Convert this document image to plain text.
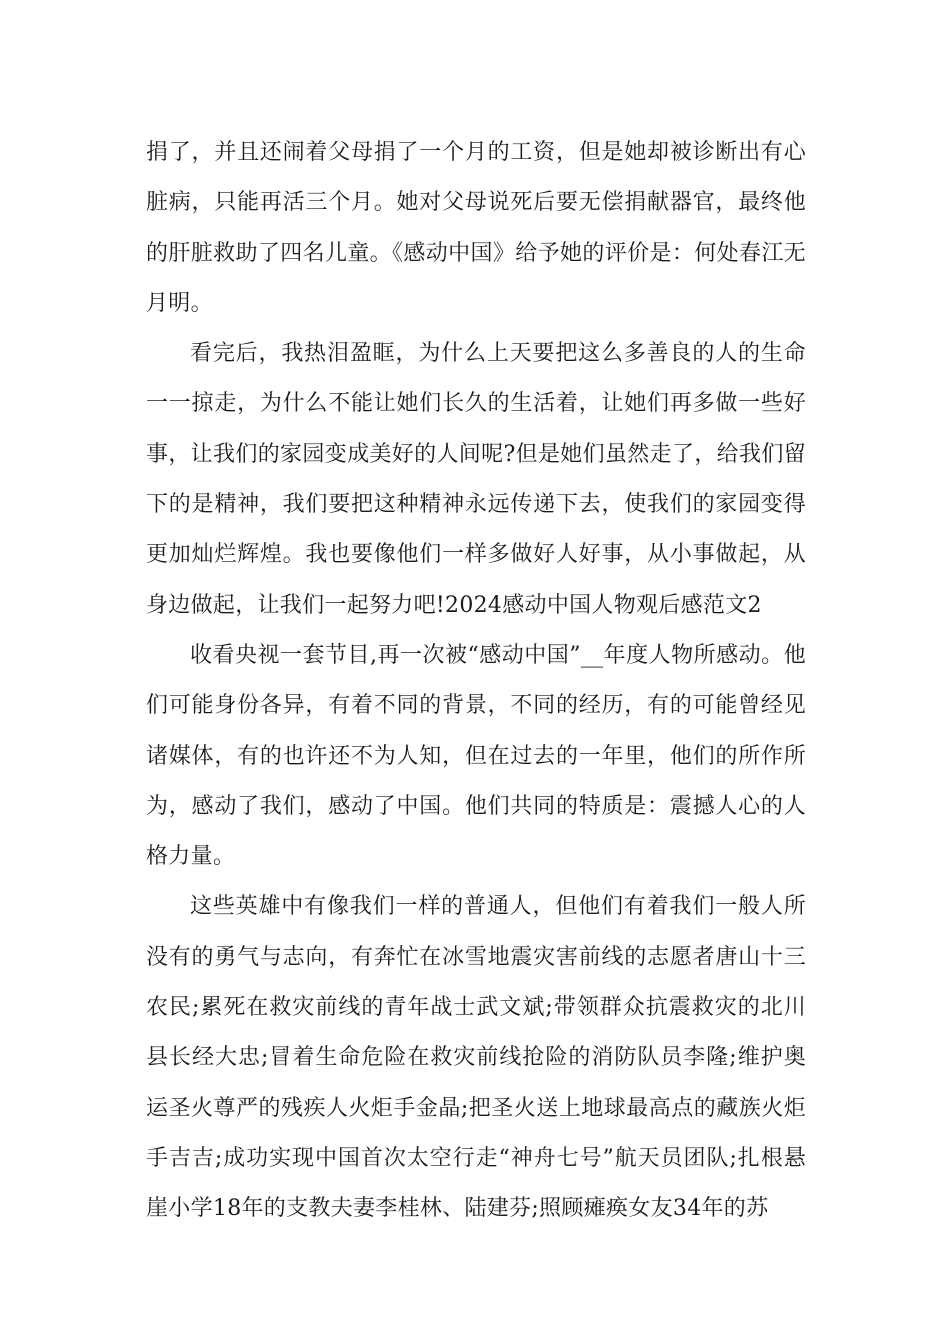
捐了，并且还闹着父母捐了一个月的工资，但是她却被诊断出有心脏病，只能再活三个月。她对父母说死后要无偿捐献器官，最终他的肝脏救助了四名儿童。《感动中国》给予她的评价是：何处春江无月明。

看完后，我热泪盈眶，为什么上天要把这么多善良的人的生命一一掠走，为什么不能让她们长久的生活着，让她们再多做一些好事，让我们的家园变成美好的人间呢?但是她们虽然走了，给我们留下的是精神，我们要把这种精神永远传递下去，使我们的家园变得更加灿烂辉煌。我也要像他们一样多做好人好事，从小事做起，从身边做起，让我们一起努力吧!2024感动中国人物观后感范文2

收看央视一套节目,再一次被“感动中国”__年度人物所感动。他们可能身份各异，有着不同的背景，不同的经历，有的可能曾经见诸媒体，有的也许还不为人知，但在过去的一年里，他们的所作所为，感动了我们，感动了中国。他们共同的特质是：震撼人心的人格力量。

这些英雄中有像我们一样的普通人，但他们有着我们一般人所没有的勇气与志向，有奔忙在冰雪地震灾害前线的志愿者唐山十三农民;累死在救灾前线的青年战士武文斌;带领群众抗震救灾的北川县长经大忠;冒着生命危险在救灾前线抢险的消防队员李隆;维护奥运圣火尊严的残疾人火炬手金晶;把圣火送上地球最高点的藏族火炬手吉吉;成功实现中国首次太空行走“神舟七号”航天员团队;扎根悬崖小学18年的支教夫妻李桂林、陆建芬;照顾瘫痪女友34年的苏
